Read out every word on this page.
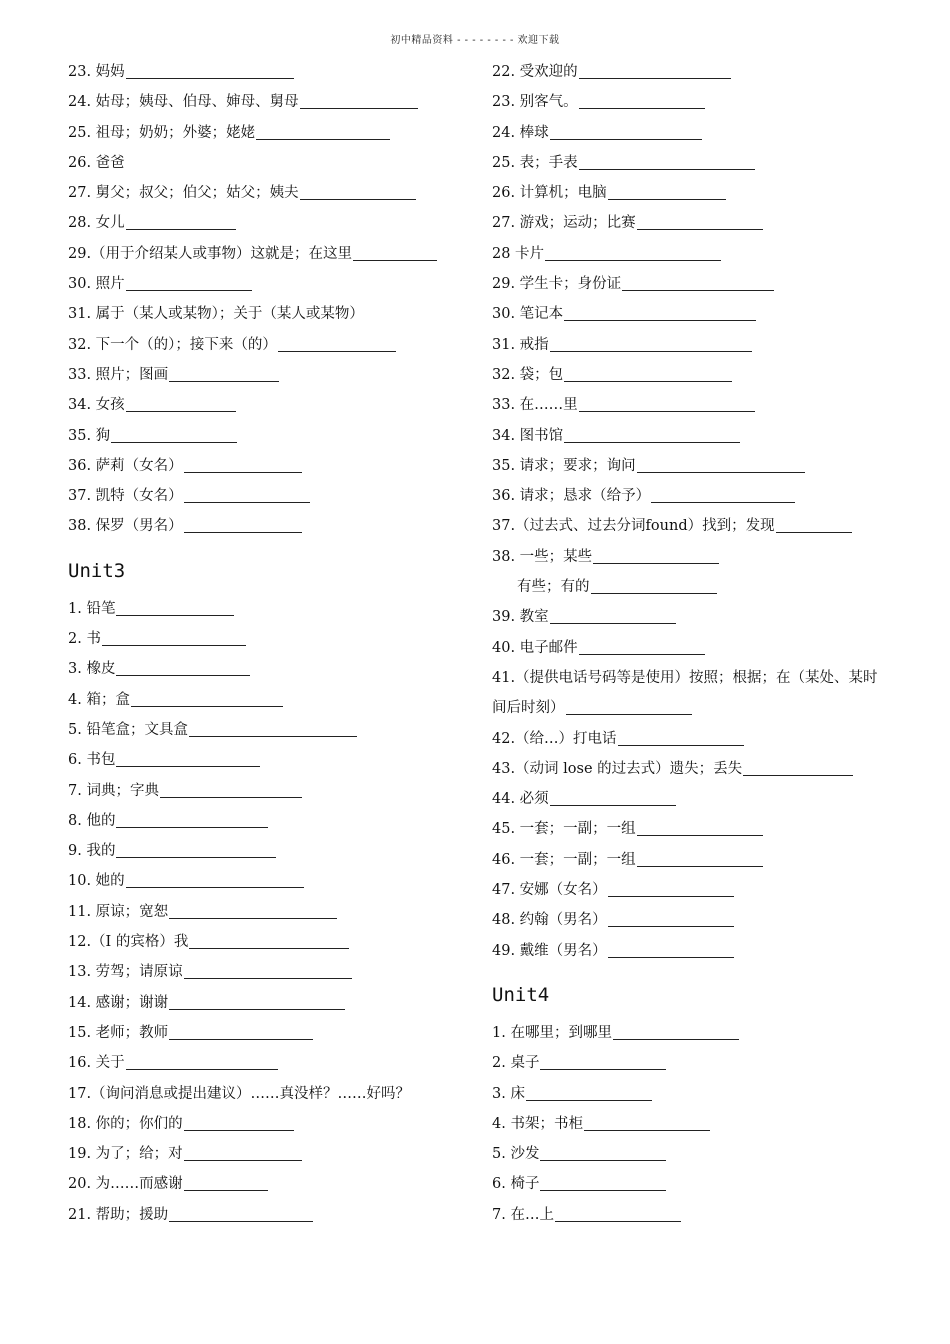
初中精品资料 - - - - - - - - 欢迎下载
23. 妈妈
24. 姑母；姨母、伯母、婶母、舅母
25. 祖母；奶奶；外婆；姥姥
26. 爸爸
27. 舅父；叔父；伯父；姑父；姨夫
28. 女儿
29.（用于介绍某人或事物）这就是；在这里
30. 照片
31. 属于（某人或某物）；关于（某人或某物）
32. 下一个（的）；接下来（的）
33. 照片；图画
34. 女孩
35. 狗
36. 萨莉（女名）
37. 凯特（女名）
38. 保罗（男名）
Unit3
1. 铅笔
2. 书
3. 橡皮
4. 箱；盒
5. 铅笔盒；文具盒
6. 书包
7. 词典；字典
8. 他的
9. 我的
10. 她的
11. 原谅；宽恕
12.（I 的宾格）我
13. 劳驾；请原谅
14. 感谢；谢谢
15. 老师；教师
16. 关于
17.（询问消息或提出建议）……真没样？……好吗？
18. 你的；你们的
19. 为了；给；对
20. 为……而感谢
21. 帮助；援助
22. 受欢迎的
23. 别客气。
24. 棒球
25. 表；手表
26. 计算机；电脑
27. 游戏；运动；比赛
28 卡片
29. 学生卡；身份证
30. 笔记本
31. 戒指
32. 袋；包
33. 在……里
34. 图书馆
35. 请求；要求；询问
36. 请求；恳求（给予）
37.（过去式、过去分词found）找到；发现
38. 一些；某些
有些；有的
39. 教室
40. 电子邮件
41.（提供电话号码等是使用）按照；根据；在（某处、某时间后时刻）
42.（给…）打电话
43.（动词 lose 的过去式）遗失；丢失
44. 必须
45. 一套；一副；一组
46. 一套；一副；一组
47. 安娜（女名）
48. 约翰（男名）
49. 戴维（男名）
Unit4
1. 在哪里；到哪里
2. 桌子
3. 床
4. 书架；书柜
5. 沙发
6. 椅子
7. 在…上
